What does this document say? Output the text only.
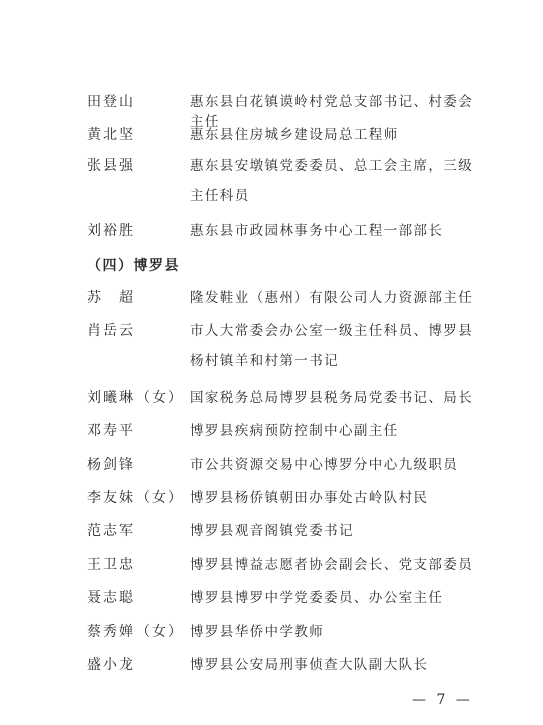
田登山	惠东县白花镇谟岭村党总支部书记、村委会主任
黄北坚	惠东县住房城乡建设局总工程师
张县强	惠东县安墩镇党委委员、总工会主席，三级主任科员
刘裕胜	惠东县市政园林事务中心工程一部部长
（四）博罗县
苏　超	隆发鞋业（惠州）有限公司人力资源部主任
肖岳云	市人大常委会办公室一级主任科员、博罗县杨村镇羊和村第一书记
刘曦琳 （女） 国家税务总局博罗县税务局党委书记、局长
邓寿平	博罗县疾病预防控制中心副主任
杨剑锋	市公共资源交易中心博罗分中心九级职员
李友妹 （女） 博罗县杨侨镇朝田办事处古岭队村民
范志军	博罗县观音阁镇党委书记
王卫忠	博罗县博益志愿者协会副会长、党支部委员
聂志聪	博罗县博罗中学党委委员、办公室主任
蔡秀婵 （女） 博罗县华侨中学教师
盛小龙	博罗县公安局刑事侦查大队副大队长
— 7 —
